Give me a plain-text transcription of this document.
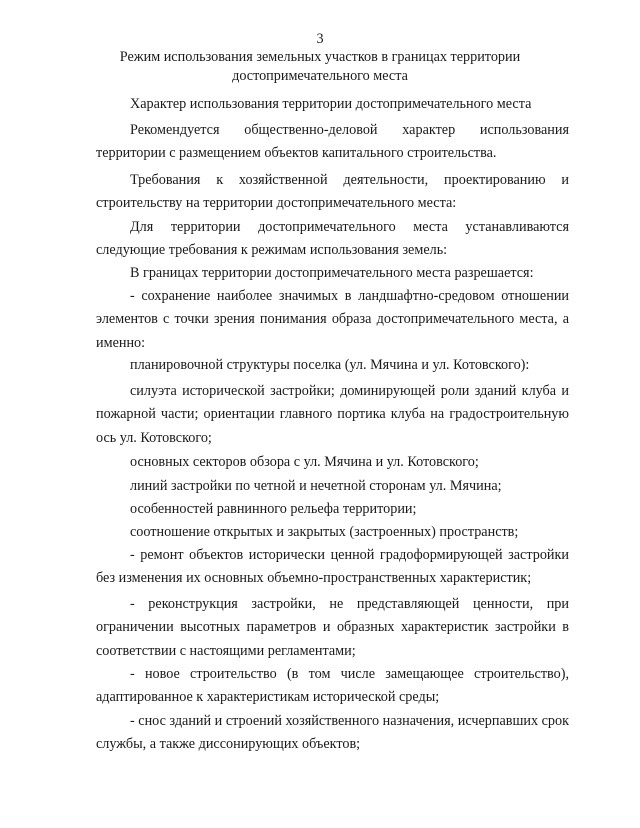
3
Режим использования земельных участков в границах территории
достопримечательного места

Характер использования территории достопримечательного места

Рекомендуется общественно-деловой характер использования территории с размещением объектов капитального строительства.

Требования к хозяйственной деятельности, проектированию и строительству на территории достопримечательного места:

Для территории достопримечательного места устанавливаются следующие требования к режимам использования земель:

В границах территории достопримечательного места разрешается:

- сохранение наиболее значимых в ландшафтно-средовом отношении элементов с точки зрения понимания образа достопримечательного места, а именно:

планировочной структуры поселка (ул. Мячина и ул. Котовского):

силуэта исторической застройки; доминирующей роли зданий клуба и пожарной части; ориентации главного портика клуба на градостроительную ось ул. Котовского;

основных секторов обзора с ул. Мячина и ул. Котовского;

линий застройки по четной и нечетной сторонам ул. Мячина;

особенностей равнинного рельефа территории;

соотношение открытых и закрытых (застроенных) пространств;

- ремонт объектов исторически ценной градоформирующей застройки без изменения их основных объемно-пространственных характеристик;

- реконструкция застройки, не представляющей ценности, при ограничении высотных параметров и образных характеристик застройки в соответствии с настоящими регламентами;

- новое строительство (в том числе замещающее строительство), адаптированное к характеристикам исторической среды;

- снос зданий и строений хозяйственного назначения, исчерпавших срок службы, а также диссонирующих объектов;
